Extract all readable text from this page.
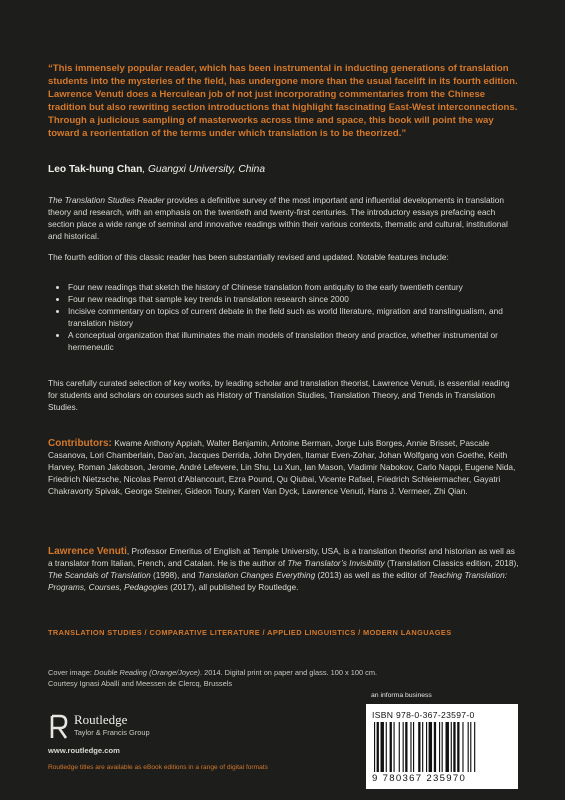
“This immensely popular reader, which has been instrumental in inducting generations of translation students into the mysteries of the field, has undergone more than the usual facelift in its fourth edition. Lawrence Venuti does a Herculean job of not just incorporating commentaries from the Chinese tradition but also rewriting section introductions that highlight fascinating East-West interconnections. Through a judicious sampling of masterworks across time and space, this book will point the way toward a reorientation of the terms under which translation is to be theorized.”
Leo Tak-hung Chan, Guangxi University, China
The Translation Studies Reader provides a definitive survey of the most important and influential developments in translation theory and research, with an emphasis on the twentieth and twenty-first centuries. The introductory essays prefacing each section place a wide range of seminal and innovative readings within their various contexts, thematic and cultural, institutional and historical.
The fourth edition of this classic reader has been substantially revised and updated. Notable features include:
• Four new readings that sketch the history of Chinese translation from antiquity to the early twentieth century
• Four new readings that sample key trends in translation research since 2000
• Incisive commentary on topics of current debate in the field such as world literature, migration and translingualism, and translation history
• A conceptual organization that illuminates the main models of translation theory and practice, whether instrumental or hermeneutic
This carefully curated selection of key works, by leading scholar and translation theorist, Lawrence Venuti, is essential reading for students and scholars on courses such as History of Translation Studies, Translation Theory, and Trends in Translation Studies.
Contributors: Kwame Anthony Appiah, Walter Benjamin, Antoine Berman, Jorge Luis Borges, Annie Brisset, Pascale Casanova, Lori Chamberlain, Dao’an, Jacques Derrida, John Dryden, Itamar Even-Zohar, Johan Wolfgang von Goethe, Keith Harvey, Roman Jakobson, Jerome, André Lefevere, Lin Shu, Lu Xun, Ian Mason, Vladimir Nabokov, Carlo Nappi, Eugene Nida, Friedrich Nietzsche, Nicolas Perrot d’Ablancourt, Ezra Pound, Qu Qiubai, Vicente Rafael, Friedrich Schleiermacher, Gayatri Chakravorty Spivak, George Steiner, Gideon Toury, Karen Van Dyck, Lawrence Venuti, Hans J. Vermeer, Zhi Qian.
Lawrence Venuti, Professor Emeritus of English at Temple University, USA, is a translation theorist and historian as well as a translator from Italian, French, and Catalan. He is the author of The Translator’s Invisibility (Translation Classics edition, 2018), The Scandals of Translation (1998), and Translation Changes Everything (2013) as well as the editor of Teaching Translation: Programs, Courses, Pedagogies (2017), all published by Routledge.
TRANSLATION STUDIES / COMPARATIVE LITERATURE / APPLIED LINGUISTICS / MODERN LANGUAGES
Cover image: Double Reading (Orange/Joyce). 2014. Digital print on paper and glass. 100 x 100 cm.
Courtesy Ignasi Aballí and Meessen de Clercq, Brussels
Routledge
Taylor & Francis Group
www.routledge.com
Routledge titles are available as eBook editions in a range of digital formats
an informa business
ISBN 978-0-367-23597-0
9 780367 235970
